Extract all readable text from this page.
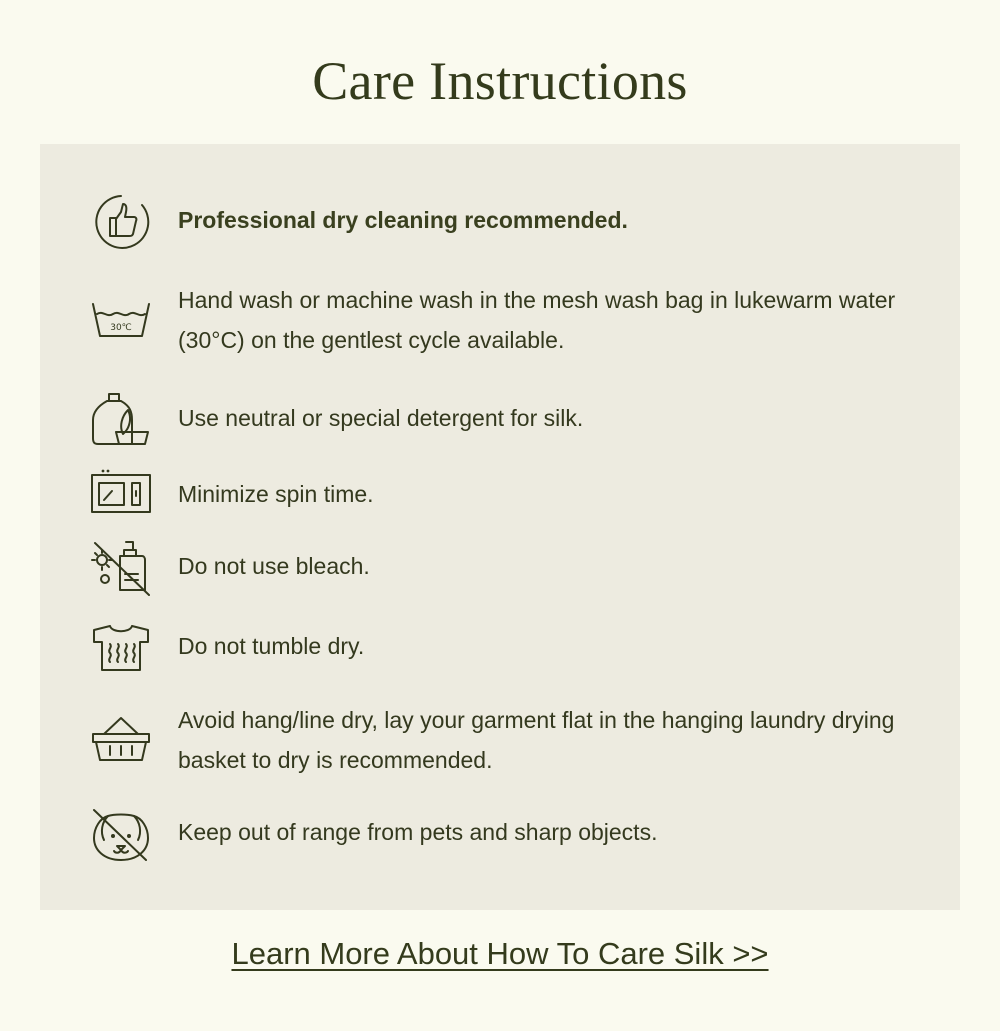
Care Instructions

Professional dry cleaning recommended.

30℃

Hand wash or machine wash in the mesh wash bag in lukewarm water (30°C) on the gentlest cycle available.

Use neutral or special detergent for silk.

Minimize spin time.

Do not use bleach.

Do not tumble dry.

Avoid hang/line dry, lay your garment flat in the hanging laundry drying basket to dry is recommended.

Keep out of range from pets and sharp objects.

Learn More About How To Care Silk >>
